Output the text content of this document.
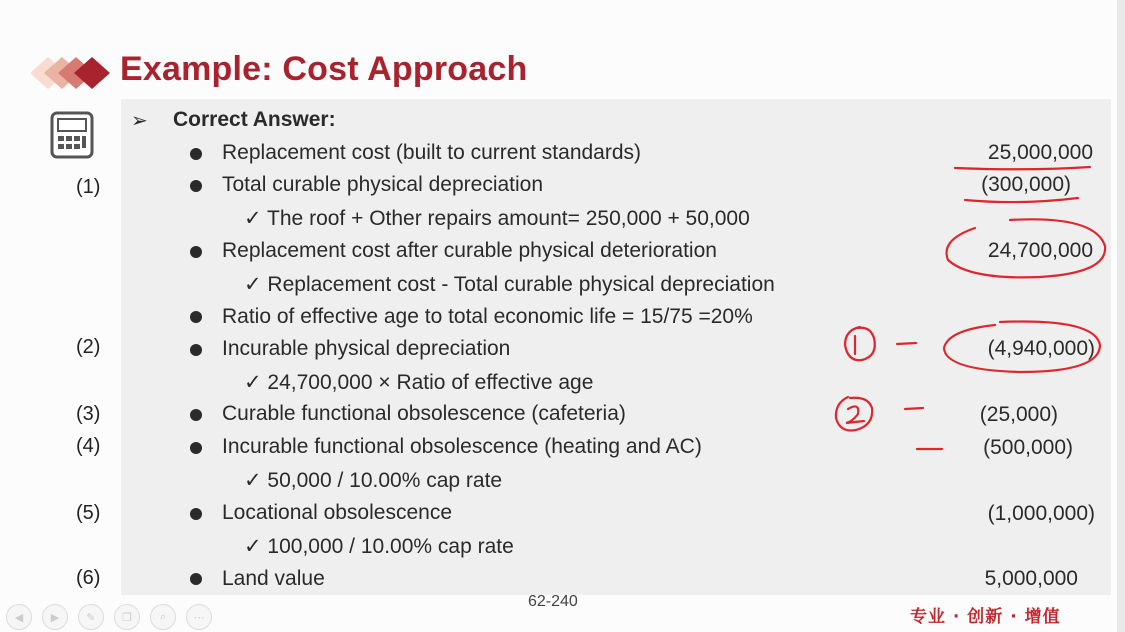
Example: Cost Approach
➢ Correct Answer:
Replacement cost (built to current standards)	25,000,000
(1)	Total curable physical depreciation	(300,000)
✓ The roof + Other repairs amount= 250,000 + 50,000
Replacement cost after curable physical deterioration	24,700,000
✓ Replacement cost - Total curable physical depreciation
Ratio of effective age to total economic life = 15/75 =20%
(2)	Incurable physical depreciation	(4,940,000)
✓ 24,700,000 × Ratio of effective age
(3)	Curable functional obsolescence (cafeteria)	(25,000)
(4)	Incurable functional obsolescence (heating and AC)	(500,000)
✓ 50,000 / 10.00% cap rate
(5)	Locational obsolescence	(1,000,000)
✓ 100,000 / 10.00% cap rate
(6)	Land value	5,000,000
◀	▶	✎	❐	⌕	⋯
62-240
专业 · 创新 · 增值
